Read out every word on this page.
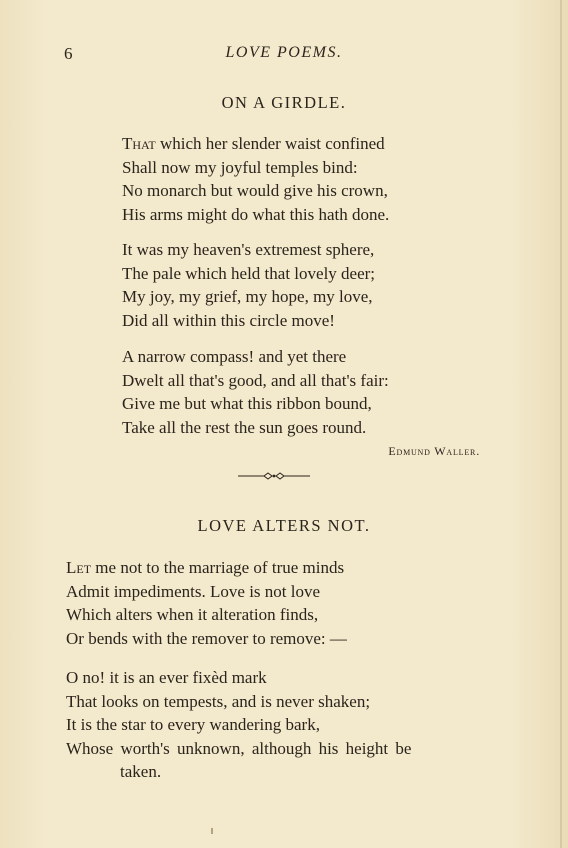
6	LOVE POEMS.
ON A GIRDLE.
That which her slender waist confined
Shall now my joyful temples bind:
No monarch but would give his crown,
His arms might do what this hath done.
It was my heaven's extremest sphere,
The pale which held that lovely deer;
My joy, my grief, my hope, my love,
Did all within this circle move!
A narrow compass! and yet there
Dwelt all that's good, and all that's fair:
Give me but what this ribbon bound,
Take all the rest the sun goes round.
Edmund Waller.
LOVE ALTERS NOT.
Let me not to the marriage of true minds
Admit impediments. Love is not love
Which alters when it alteration finds,
Or bends with the remover to remove: —
O no! it is an ever fixèd mark
That looks on tempests, and is never shaken;
It is the star to every wandering bark,
Whose worth's unknown, although his height be
taken.
